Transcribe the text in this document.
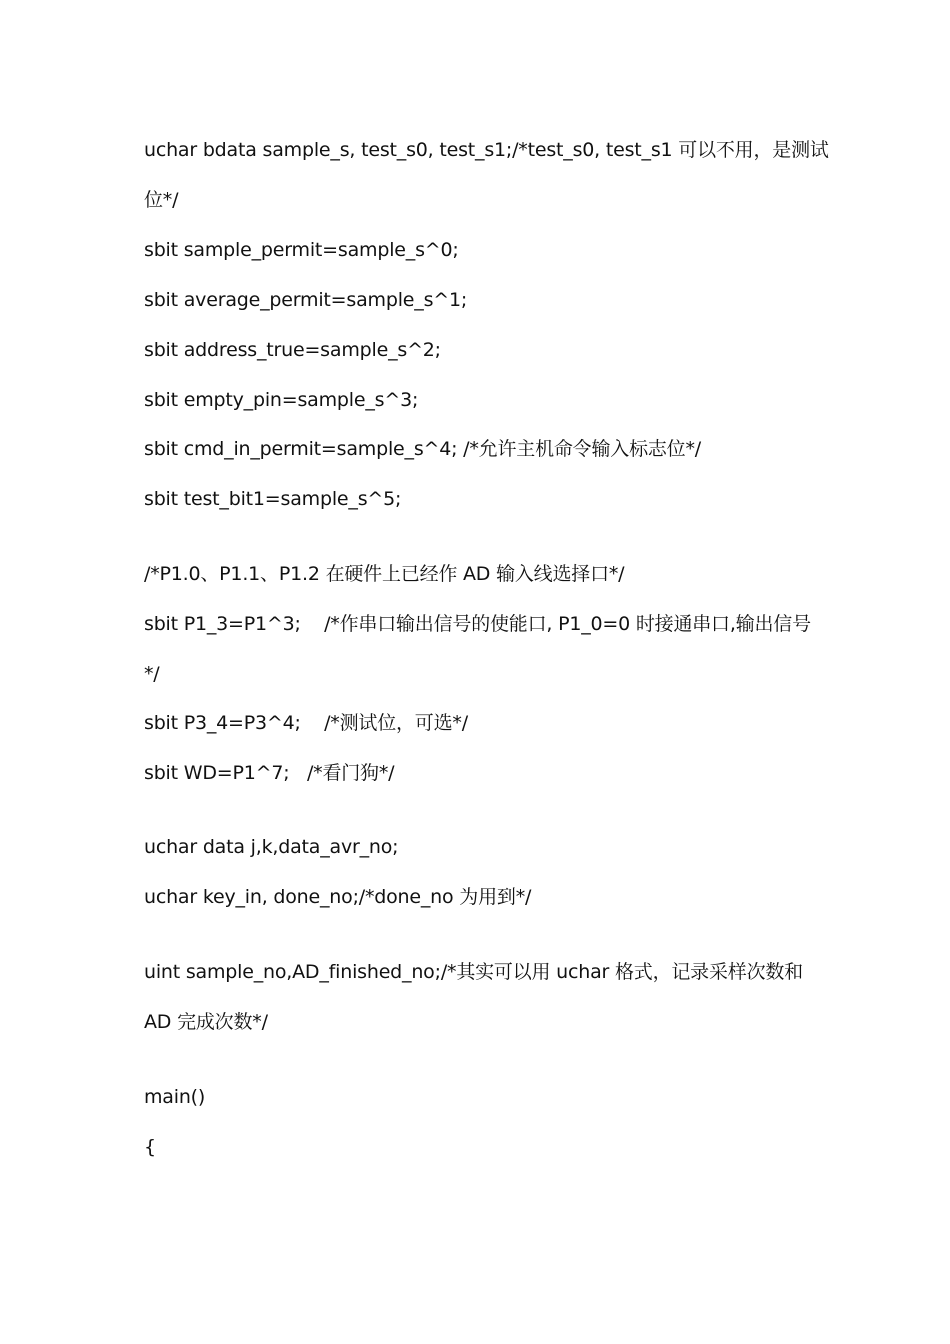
uchar bdata sample_s, test_s0, test_s1;/*test_s0, test_s1 可以不用，是测试
位*/
sbit sample_permit=sample_s^0;
sbit average_permit=sample_s^1;
sbit address_true=sample_s^2;
sbit empty_pin=sample_s^3;
sbit cmd_in_permit=sample_s^4; /*允许主机命令输入标志位*/
sbit test_bit1=sample_s^5;
/*P1.0、P1.1、P1.2 在硬件上已经作 AD 输入线选择口*/
sbit P1_3=P1^3;    /*作串口输出信号的使能口, P1_0=0 时接通串口,输出信号
*/
sbit P3_4=P3^4;    /*测试位，可选*/
sbit WD=P1^7;   /*看门狗*/
uchar data j,k,data_avr_no;
uchar key_in, done_no;/*done_no 为用到*/
uint sample_no,AD_finished_no;/*其实可以用 uchar 格式，记录采样次数和
AD 完成次数*/
main()
{
